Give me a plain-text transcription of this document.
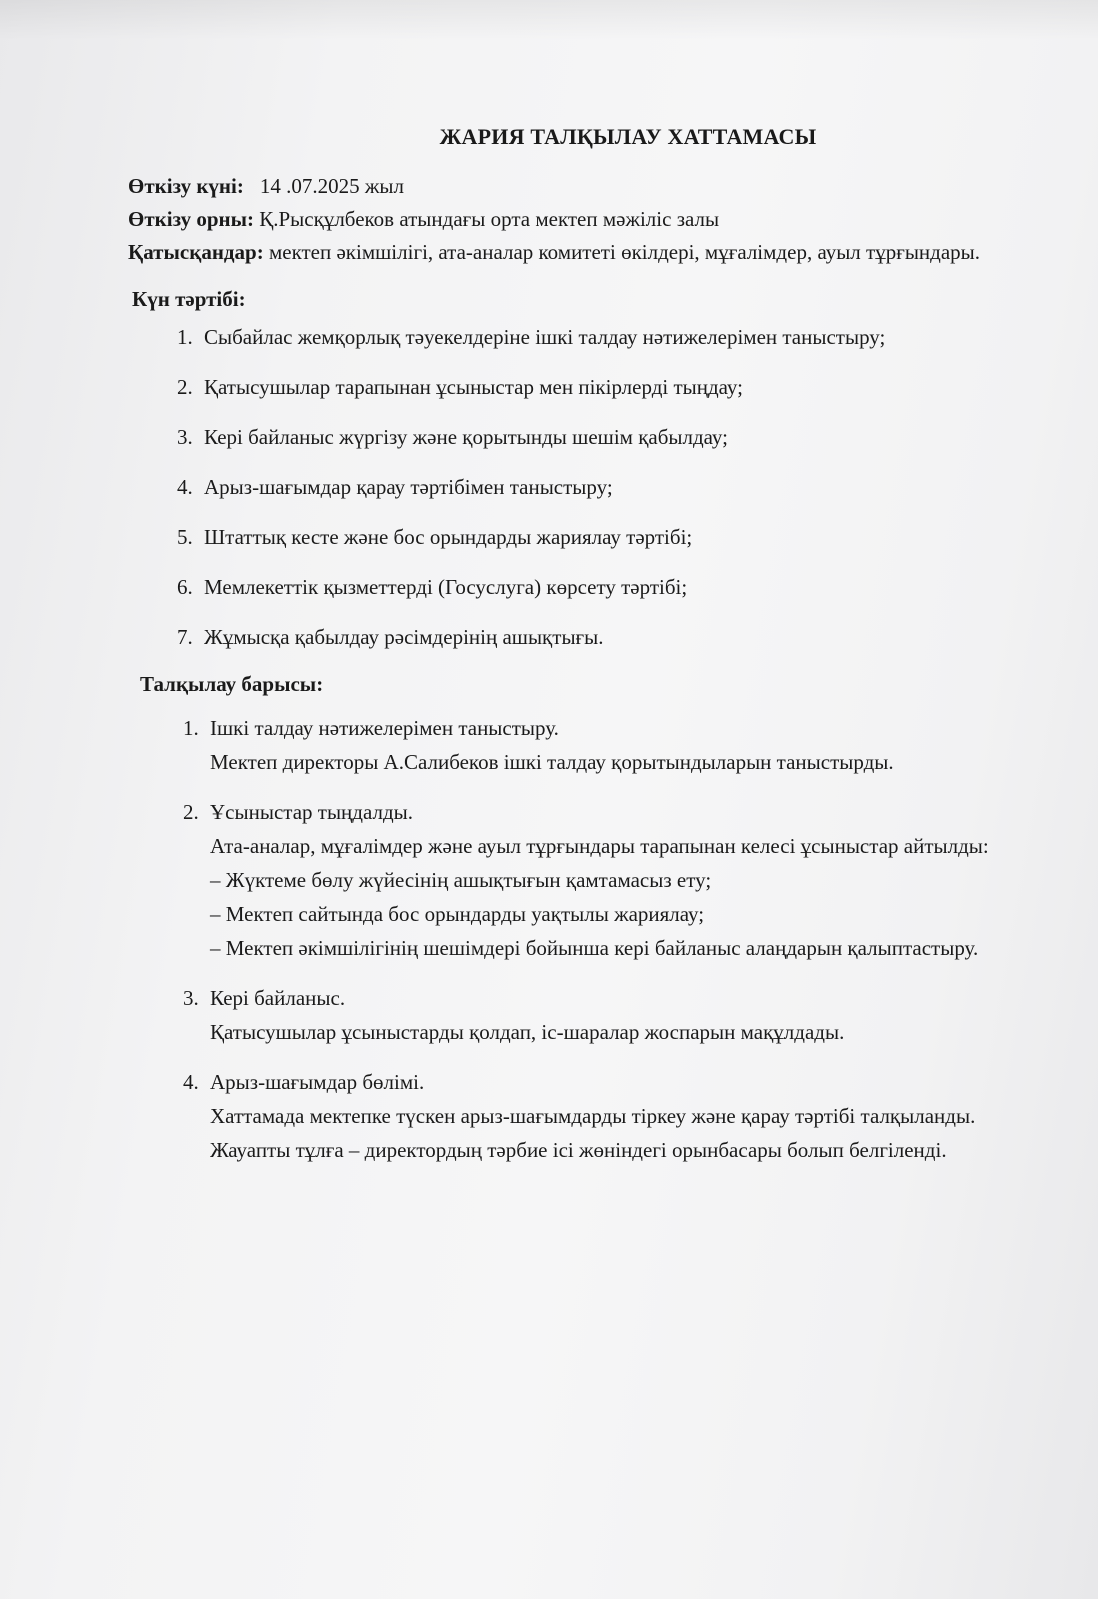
ЖАРИЯ ТАЛҚЫЛАУ ХАТТАМАСЫ

Өткізу күні: 14 .07.2025 жыл

Өткізу орны: Қ.Рысқұлбеков атындағы орта мектеп мәжіліс залы

Қатысқандар: мектеп әкімшілігі, ата-аналар комитеті өкілдері, мұғалімдер, ауыл тұрғындары.

Күн тәртібі:
1. Сыбайлас жемқорлық тәуекелдеріне ішкі талдау нәтижелерімен таныстыру;
2. Қатысушылар тарапынан ұсыныстар мен пікірлерді тыңдау;
3. Кері байланыс жүргізу және қорытынды шешім қабылдау;
4. Арыз-шағымдар қарау тәртібімен таныстыру;
5. Штаттық кесте және бос орындарды жариялау тәртібі;
6. Мемлекеттік қызметтерді (Госуслуга) көрсету тәртібі;
7. Жұмысқа қабылдау рәсімдерінің ашықтығы.
Талқылау барысы:
1. Ішкі талдау нәтижелерімен таныстыру.
Мектеп директоры А.Салибеков ішкі талдау қорытындыларын таныстырды.
2. Ұсыныстар тыңдалды.
Ата-аналар, мұғалімдер және ауыл тұрғындары тарапынан келесі ұсыныстар айтылды:
– Жүктеме бөлу жүйесінің ашықтығын қамтамасыз ету;
– Мектеп сайтында бос орындарды уақтылы жариялау;
– Мектеп әкімшілігінің шешімдері бойынша кері байланыс алаңдарын қалыптастыру.
3. Кері байланыс.
Қатысушылар ұсыныстарды қолдап, іс-шаралар жоспарын мақұлдады.
4. Арыз-шағымдар бөлімі.
Хаттамада мектепке түскен арыз-шағымдарды тіркеу және қарау тәртібі талқыланды. Жауапты тұлға – директордың тәрбие ісі жөніндегі орынбасары болып белгіленді.
